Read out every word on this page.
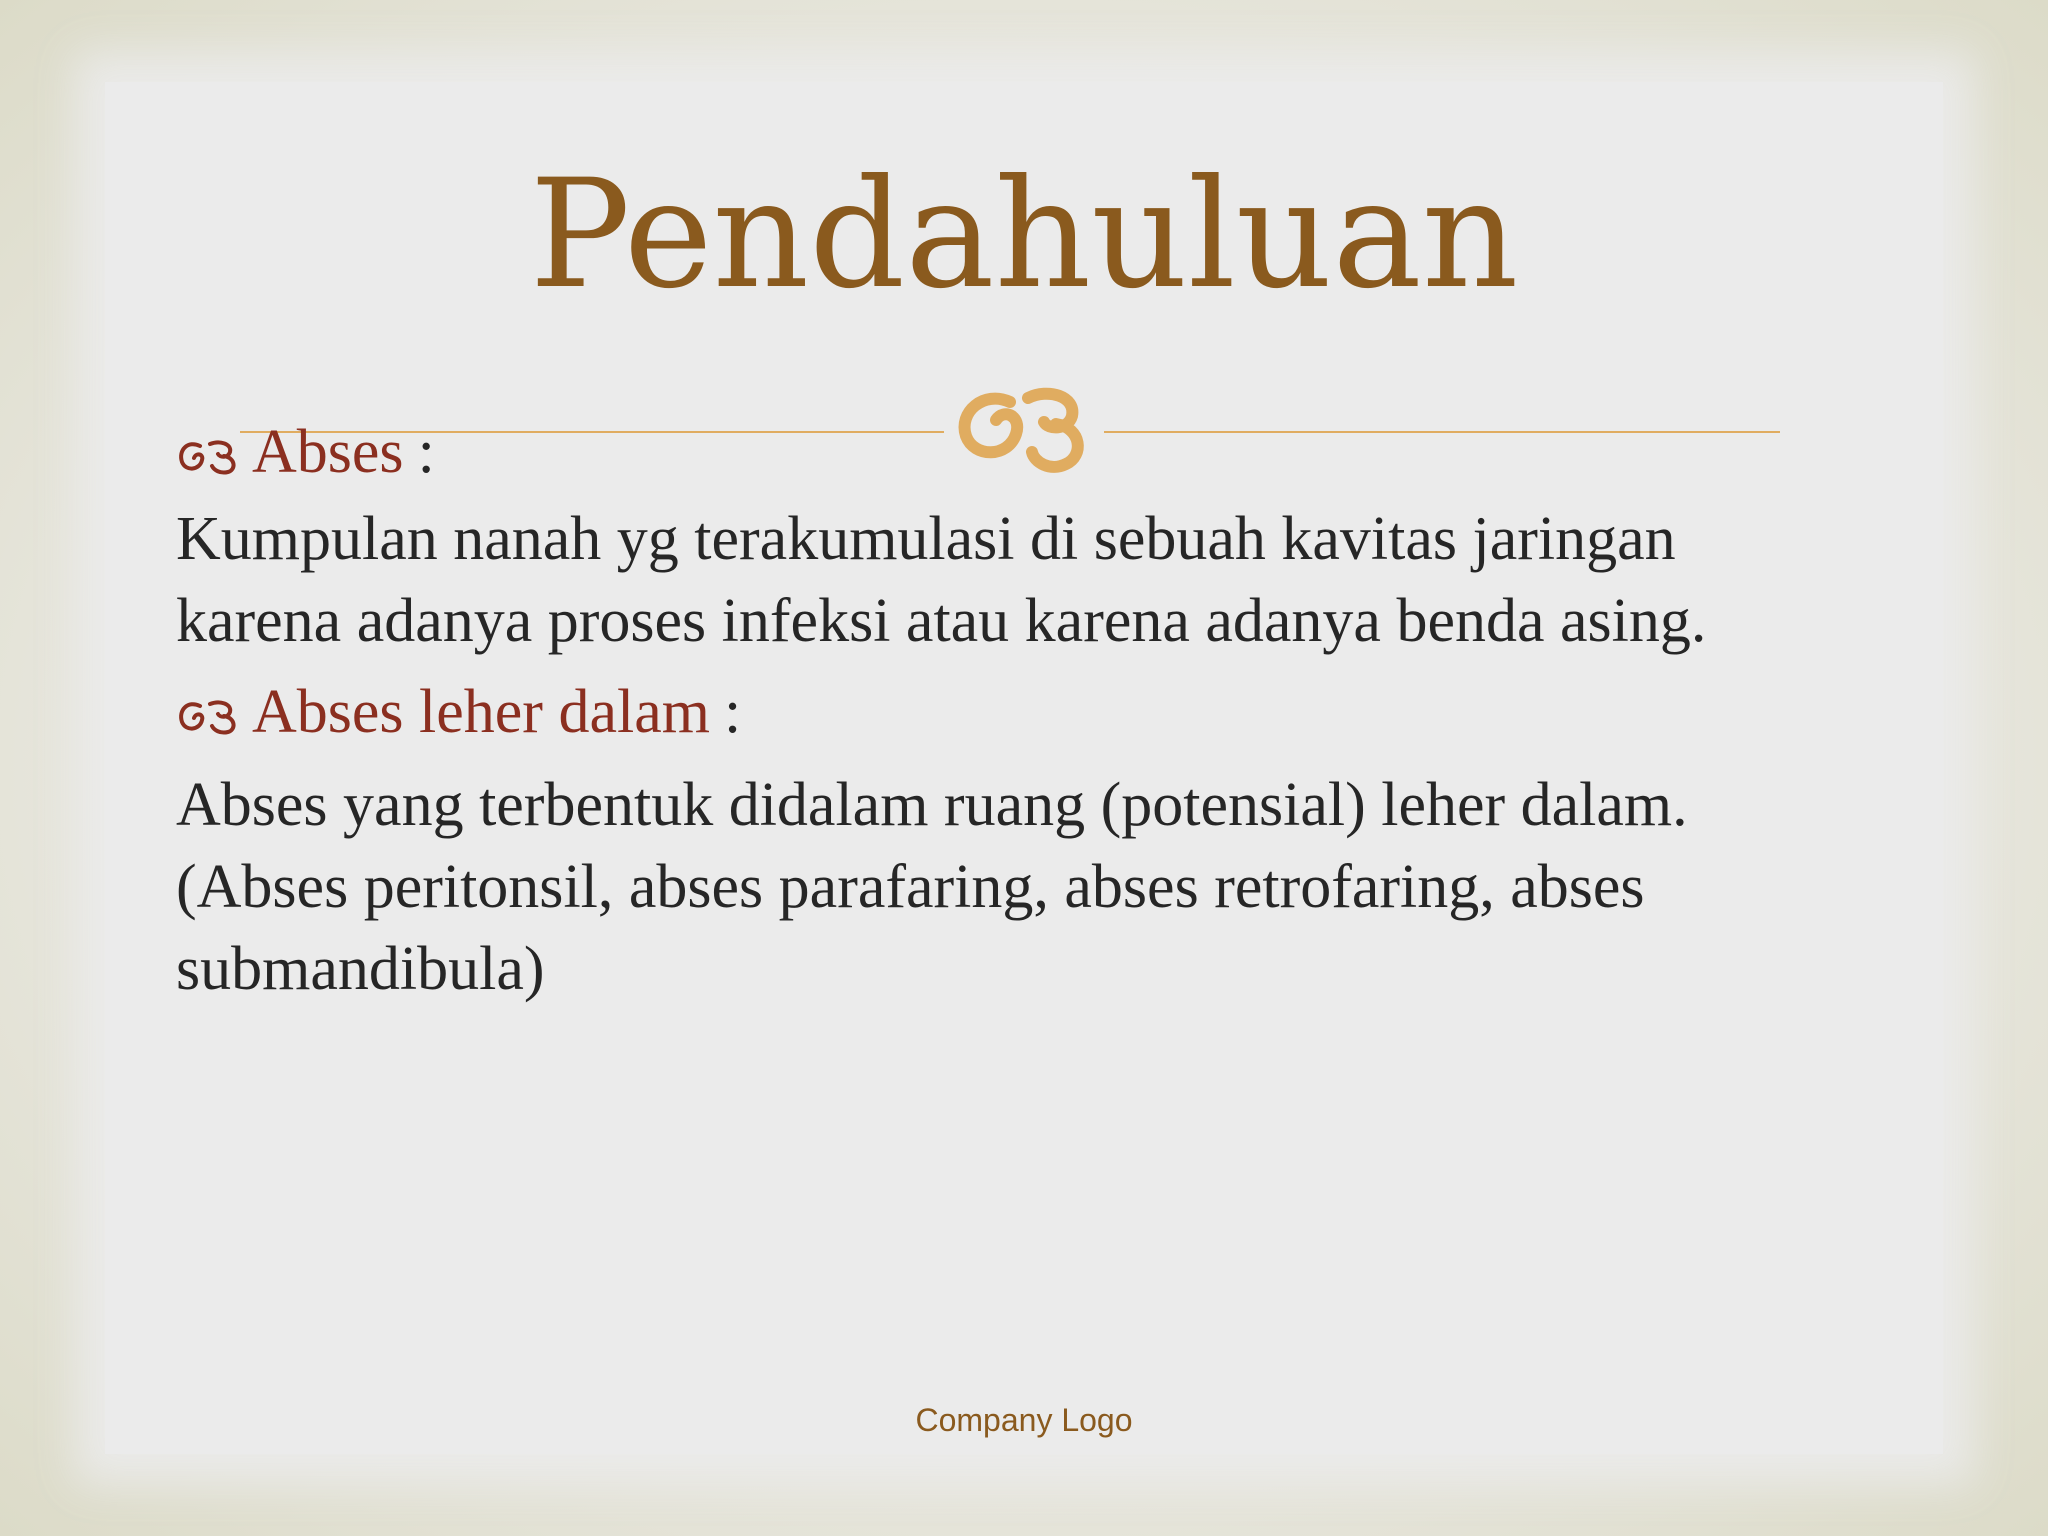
Pendahuluan
Abses :

Kumpulan nanah yg terakumulasi di sebuah kavitas jaringan karena adanya proses infeksi atau karena adanya benda asing.

Abses leher dalam :

Abses yang terbentuk didalam ruang (potensial) leher dalam. (Abses peritonsil, abses parafaring, abses retrofaring, abses submandibula)

Company Logo
